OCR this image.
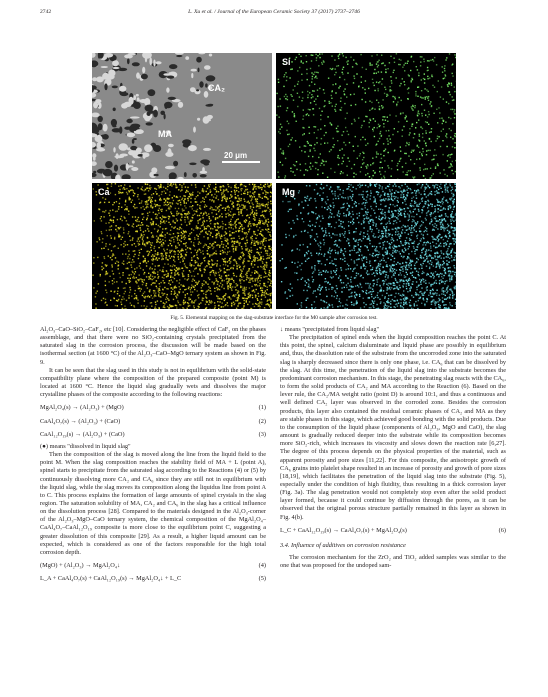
2742	L. Xu et al. / Journal of the European Ceramic Society 37 (2017) 2737–2746
CA₂
MA
20 μm
Si
Ca	Mg
Fig. 5. Elemental mapping on the slag-substrate interface for the M0 sample after corrosion test.

Al₂O₃–CaO–SiO₂–CaF₂, etc [10]. Considering the negligible effect of CaF₂ on the phases assemblage, and that there were no SiO₂-containing crystals precipitated from the saturated slag in the corrosion process, the discussion will be made based on the isothermal section (at 1600 °C) of the Al₂O₃–CaO–MgO ternary system as shown in Fig. 9.

It can be seen that the slag used in this study is not in equilibrium with the solid-state compatibility plane where the composition of the prepared composite (point M) is located at 1600 °C. Hence the liquid slag gradually wets and dissolves the major crystalline phases of the composite according to the following reactions:

MgAl₂O₄(s) → (Al₂O₃) + (MgO)	(1)
CaAl₄O₇(s) → (Al₂O₃) + (CaO)	(2)
CaAl₁₂O₁₉(s) → (Al₂O₃) + (CaO)	(3)

(●) means "dissolved in liquid slag"

Then the composition of the slag is moved along the line from the liquid field to the point M. When the slag composition reaches the stability field of MA + L (point A), spinel starts to precipitate from the saturated slag according to the Reactions (4) or (5) by continuously dissolving more CA₂ and CA₆ since they are still not in equilibrium with the liquid slag, while the slag moves its composition along the liquidus line from point A to C. This process explains the formation of large amounts of spinel crystals in the slag region. The saturation solubility of MA, CA₂ and CA₆ in the slag has a critical influence on the dissolution process [28]. Compared to the materials designed in the Al₂O₃-corner of the Al₂O₃–MgO–CaO ternary system, the chemical composition of the MgAl₂O₄–CaAl₄O₇–CaAl₁₂O₁₉ composite is more close to the equilibrium point C, suggesting a greater dissolution of this composite [29]. As a result, a higher liquid amount can be expected, which is considered as one of the factors responsible for the high total corrosion depth.

(MgO) + (Al₂O₃) → MgAl₂O₄↓	(4)
L_A + CaAl₄O₇(s) + CaAl₁₂O₁₉(s) → MgAl₂O₄↓ + L_C	(5)

↓ means "precipitated from liquid slag"

The precipitation of spinel ends when the liquid composition reaches the point C. At this point, the spinel, calcium dialuminate and liquid phase are possibly in equilibrium and, thus, the dissolution rate of the substrate from the uncorroded zone into the saturated slag is sharply decreased since there is only one phase, i.e. CA₆ that can be dissolved by the slag. At this time, the penetration of the liquid slag into the substrate becomes the predominant corrosion mechanism. In this stage, the penetrating slag reacts with the CA₆, to form the solid products of CA₂ and MA according to the Reaction (6). Based on the lever rule, the CA₂/MA weight ratio (point D) is around 10:1, and thus a continuous and well defined CA₂ layer was observed in the corroded zone. Besides the corrosion products, this layer also contained the residual ceramic phases of CA₂ and MA as they are stable phases in this stage, which achieved good bonding with the solid products. Due to the consumption of the liquid phase (components of Al₂O₃, MgO and CaO), the slag amount is gradually reduced deeper into the substrate while its composition becomes more SiO₂-rich, which increases its viscosity and slows down the reaction rate [6,27]. The degree of this process depends on the physical properties of the material, such as apparent porosity and pore sizes [11,22]. For this composite, the anisotropic growth of CA₆ grains into platelet shape resulted in an increase of porosity and growth of pore sizes [18,19], which facilitates the penetration of the liquid slag into the substrate (Fig. 5), especially under the condition of high fluidity, thus resulting in a thick corrosion layer (Fig. 3a). The slag penetration would not completely stop even after the solid product layer formed, because it could continue by diffusion through the pores, as it can be observed that the original porous structure partially remained in this layer as shown in Fig. 4(b).

L_C + CaAl₁₂O₁₉(s) → CaAl₄O₇(s) + MgAl₂O₄(s)	(6)
3.4. Influence of additives on corrosion resistance

The corrosion mechanism for the ZrO₂ and TiO₂ added samples was similar to the one that was proposed for the undoped sam-
